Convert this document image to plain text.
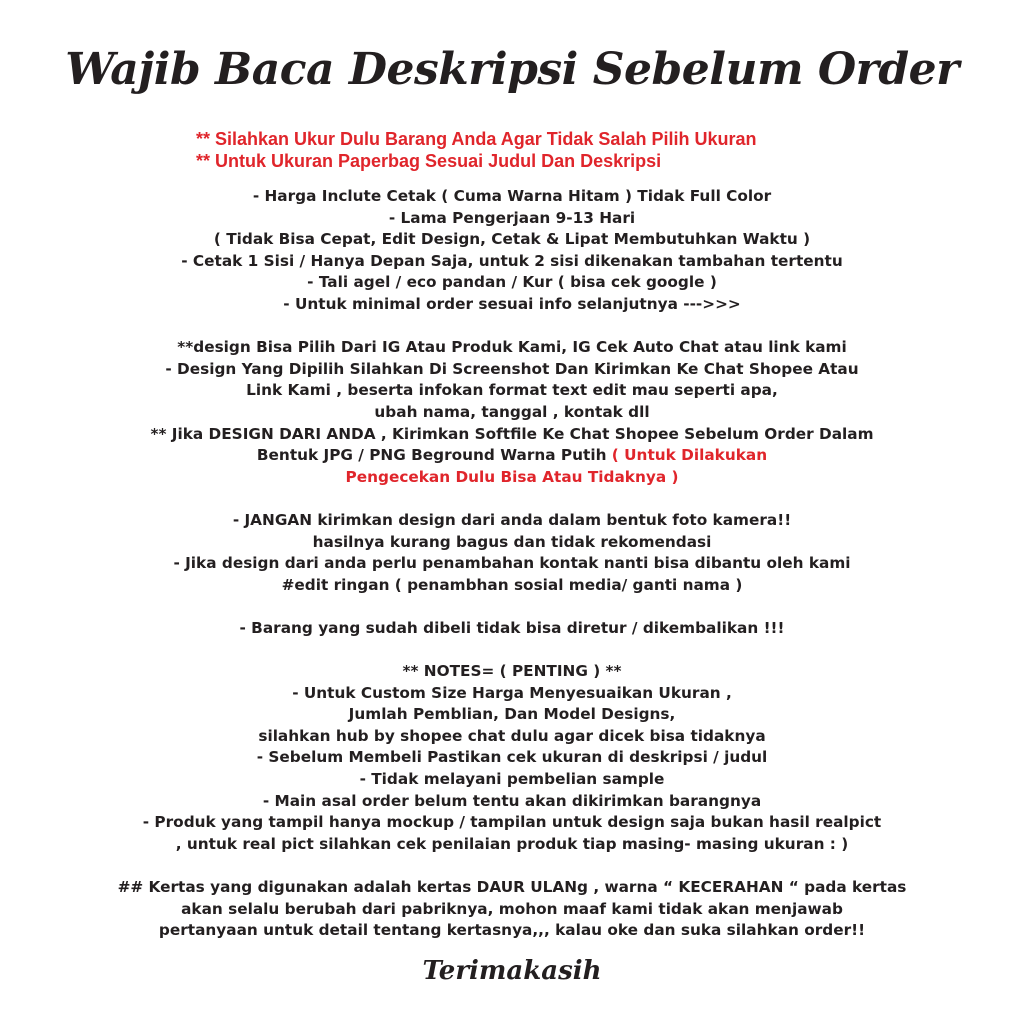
Wajib Baca Deskripsi Sebelum Order
** Silahkan Ukur Dulu Barang Anda Agar Tidak Salah Pilih Ukuran
** Untuk Ukuran Paperbag Sesuai Judul Dan Deskripsi
- Harga Inclute Cetak ( Cuma Warna Hitam ) Tidak Full Color
- Lama Pengerjaan 9-13 Hari
( Tidak Bisa Cepat, Edit Design, Cetak & Lipat Membutuhkan Waktu )
- Cetak 1 Sisi / Hanya Depan Saja, untuk 2 sisi dikenakan tambahan tertentu
- Tali agel / eco pandan / Kur ( bisa cek google )
- Untuk minimal order sesuai info selanjutnya --->>>
**design Bisa Pilih Dari IG Atau Produk Kami, IG Cek Auto Chat atau link kami
- Design Yang Dipilih Silahkan Di Screenshot Dan Kirimkan Ke Chat Shopee Atau
Link Kami , beserta infokan format text edit mau seperti apa,
ubah nama, tanggal , kontak dll
** Jika DESIGN DARI ANDA , Kirimkan Softfile Ke Chat Shopee Sebelum Order Dalam
Bentuk JPG / PNG Beground Warna Putih ( Untuk Dilakukan
Pengecekan Dulu Bisa Atau Tidaknya )
- JANGAN kirimkan design dari anda dalam bentuk foto kamera!!
hasilnya kurang bagus dan tidak rekomendasi
- Jika design dari anda perlu penambahan kontak nanti bisa dibantu oleh kami
#edit ringan ( penambhan sosial media/ ganti nama )
- Barang yang sudah dibeli tidak bisa diretur / dikembalikan !!!
** NOTES= ( PENTING ) **
- Untuk Custom Size Harga Menyesuaikan Ukuran ,
Jumlah Pemblian, Dan Model Designs,
silahkan hub by shopee chat dulu agar dicek bisa tidaknya
- Sebelum Membeli Pastikan cek ukuran di deskripsi / judul
- Tidak melayani pembelian sample
- Main asal order belum tentu akan dikirimkan barangnya
- Produk yang tampil hanya mockup / tampilan untuk design saja bukan hasil realpict
, untuk real pict silahkan cek penilaian produk tiap masing- masing ukuran : )
## Kertas yang digunakan adalah kertas DAUR ULANg , warna “ KECERAHAN “ pada kertas
akan selalu berubah dari pabriknya, mohon maaf kami tidak akan menjawab
pertanyaan untuk detail tentang kertasnya,,, kalau oke dan suka silahkan order!!
Terimakasih
